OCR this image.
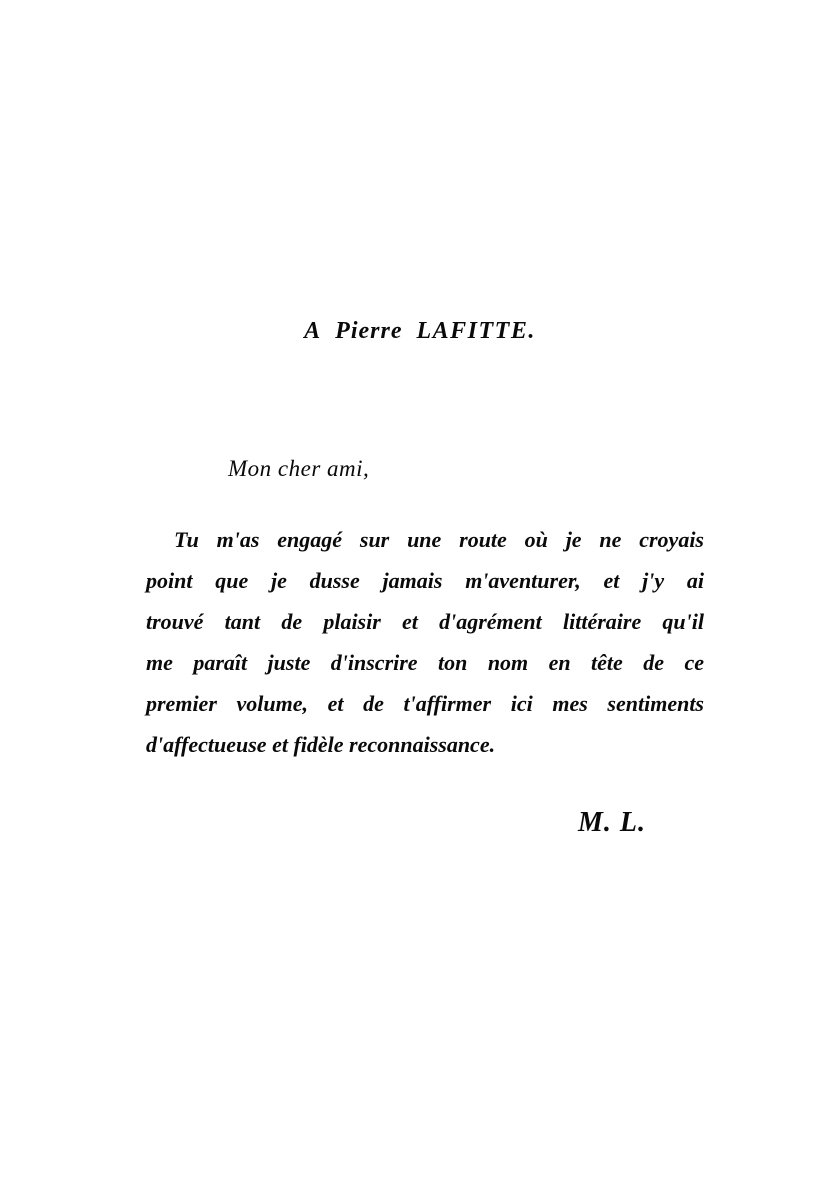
A Pierre LAFITTE.

Mon cher ami,

Tu m'as engagé sur une route où je ne croyais
point que je dusse jamais m'aventurer, et j'y ai
trouvé tant de plaisir et d'agrément littéraire qu'il
me paraît juste d'inscrire ton nom en tête de ce
premier volume, et de t'affirmer ici mes sentiments
d'affectueuse et fidèle reconnaissance.

M. L.
